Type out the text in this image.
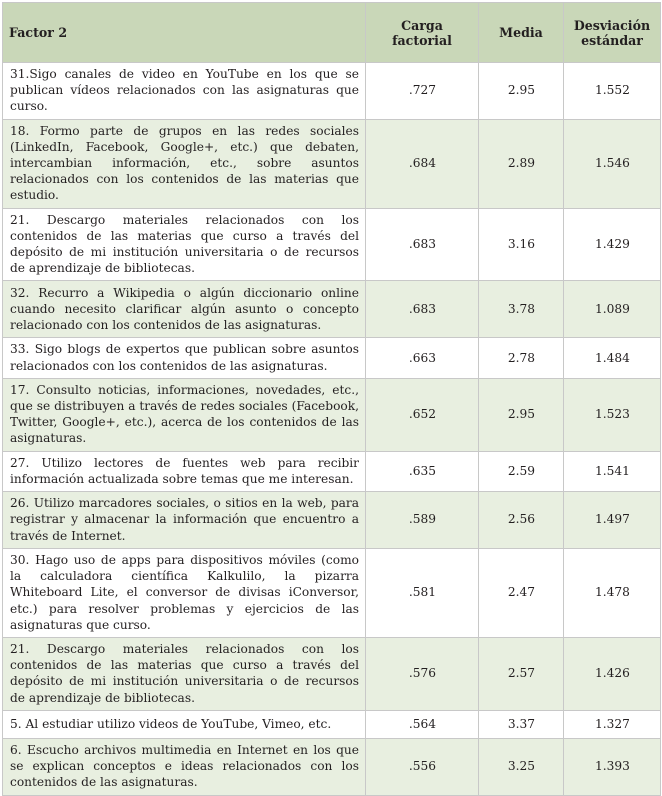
Factor 2	Carga factorial	Media	Desviación
estándar
31.Sigo canales de video en YouTube en los que se publican vídeos relacionados con las asignaturas que curso.	.727	2.95	1.552
18. Formo parte de grupos en las redes sociales (LinkedIn, Facebook, Google+, etc.) que debaten, intercambian información, etc., sobre asuntos relacionados con los contenidos de las materias que estudio.	.684	2.89	1.546
21. Descargo materiales relacionados con los contenidos de las materias que curso a través del depósito de mi institución universitaria o de recursos de aprendizaje de bibliotecas.	.683	3.16	1.429
32. Recurro a Wikipedia o algún diccionario online cuando necesito clarificar algún asunto o concepto relacionado con los contenidos de las asignaturas.	.683	3.78	1.089
33. Sigo blogs de expertos que publican sobre asuntos relacionados con los contenidos de las asignaturas.	.663	2.78	1.484
17. Consulto noticias, informaciones, novedades, etc., que se distribuyen a través de redes sociales (Facebook, Twitter, Google+, etc.), acerca de los contenidos de las asignaturas.	.652	2.95	1.523
27. Utilizo lectores de fuentes web para recibir información actualizada sobre temas que me interesan.	.635	2.59	1.541
26. Utilizo marcadores sociales, o sitios en la web, para registrar y almacenar la información que encuentro a través de Internet.	.589	2.56	1.497
30. Hago uso de apps para dispositivos móviles (como la calculadora científica Kalkulilo, la pizarra Whiteboard Lite, el conversor de divisas iConversor, etc.) para resolver problemas y ejercicios de las asignaturas que curso.	.581	2.47	1.478
21. Descargo materiales relacionados con los contenidos de las materias que curso a través del depósito de mi institución universitaria o de recursos de aprendizaje de bibliotecas.	.576	2.57	1.426
5. Al estudiar utilizo videos de YouTube, Vimeo, etc.	.564	3.37	1.327
6. Escucho archivos multimedia en Internet en los que se explican conceptos e ideas relacionados con los contenidos de las asignaturas.	.556	3.25	1.393
